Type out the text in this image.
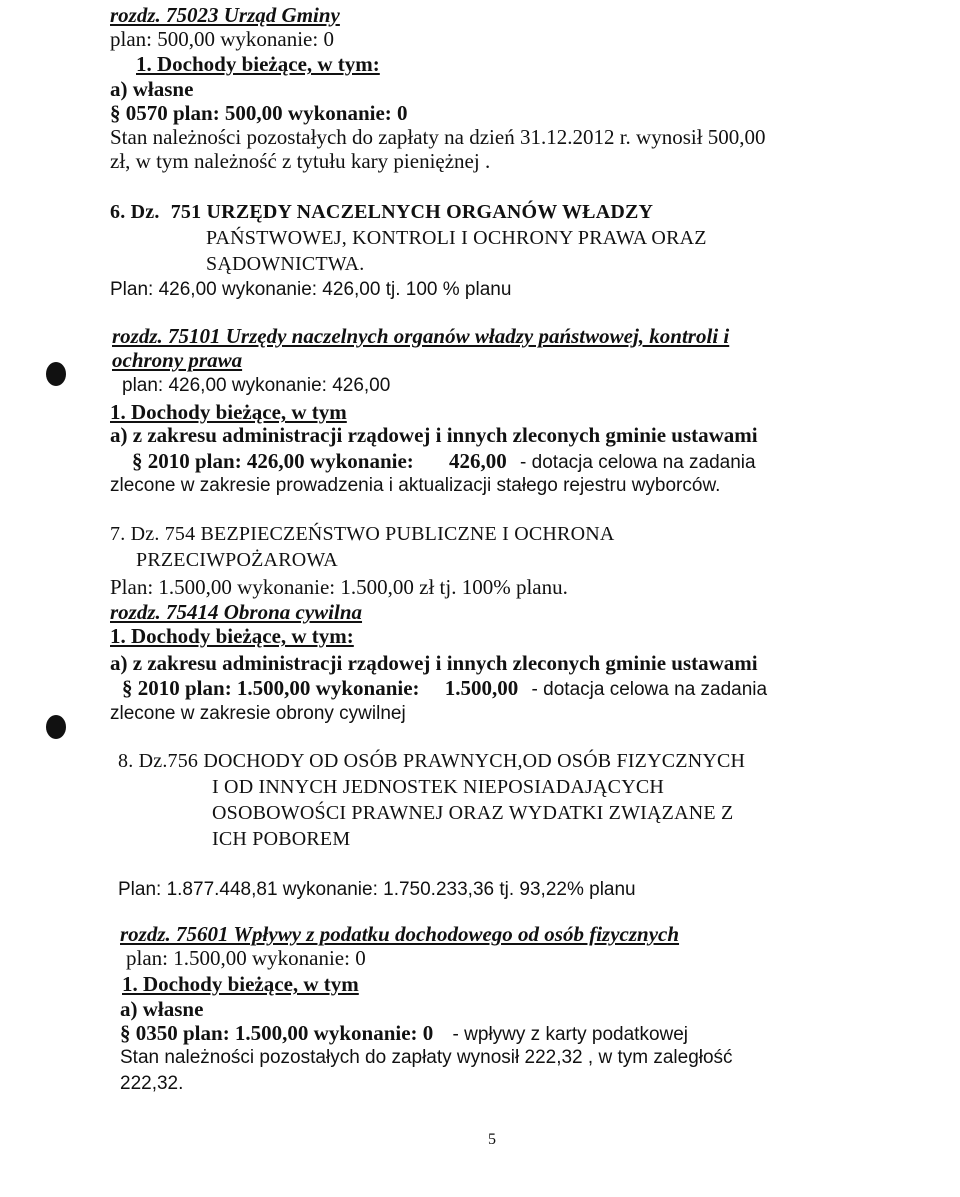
rozdz. 75023 Urząd Gminy
plan: 500,00 wykonanie: 0
1. Dochody bieżące, w tym:
a) własne
§ 0570 plan: 500,00 wykonanie: 0
Stan należności pozostałych do zapłaty na dzień 31.12.2012 r. wynosił 500,00
zł, w tym należność z tytułu kary pieniężnej .
6. Dz. 751 URZĘDY NACZELNYCH ORGANÓW WŁADZY
PAŃSTWOWEJ, KONTROLI I OCHRONY PRAWA ORAZ
SĄDOWNICTWA.
Plan: 426,00 wykonanie: 426,00 tj. 100 % planu
rozdz. 75101 Urzędy naczelnych organów władzy państwowej, kontroli i
ochrony prawa
plan: 426,00 wykonanie: 426,00
1. Dochody bieżące, w tym
a) z zakresu administracji rządowej i innych zleconych gminie ustawami
§ 2010 plan: 426,00 wykonanie: 426,00 - dotacja celowa na zadania
zlecone w zakresie prowadzenia i aktualizacji stałego rejestru wyborców.
7. Dz. 754 BEZPIECZEŃSTWO PUBLICZNE I OCHRONA
PRZECIWPOŻAROWA
Plan: 1.500,00 wykonanie: 1.500,00 zł tj. 100% planu.
rozdz. 75414 Obrona cywilna
1. Dochody bieżące, w tym:
a) z zakresu administracji rządowej i innych zleconych gminie ustawami
§ 2010 plan: 1.500,00 wykonanie: 1.500,00 - dotacja celowa na zadania
zlecone w zakresie obrony cywilnej
8. Dz.756 DOCHODY OD OSÓB PRAWNYCH,OD OSÓB FIZYCZNYCH
I OD INNYCH JEDNOSTEK NIEPOSIADAJĄCYCH
OSOBOWOŚCI PRAWNEJ ORAZ WYDATKI ZWIĄZANE Z
ICH POBOREM
Plan: 1.877.448,81 wykonanie: 1.750.233,36 tj. 93,22% planu
rozdz. 75601 Wpływy z podatku dochodowego od osób fizycznych
plan: 1.500,00 wykonanie: 0
1. Dochody bieżące, w tym
a) własne
§ 0350 plan: 1.500,00 wykonanie: 0 - wpływy z karty podatkowej
Stan należności pozostałych do zapłaty wynosił 222,32 , w tym zaległość
222,32.
5
